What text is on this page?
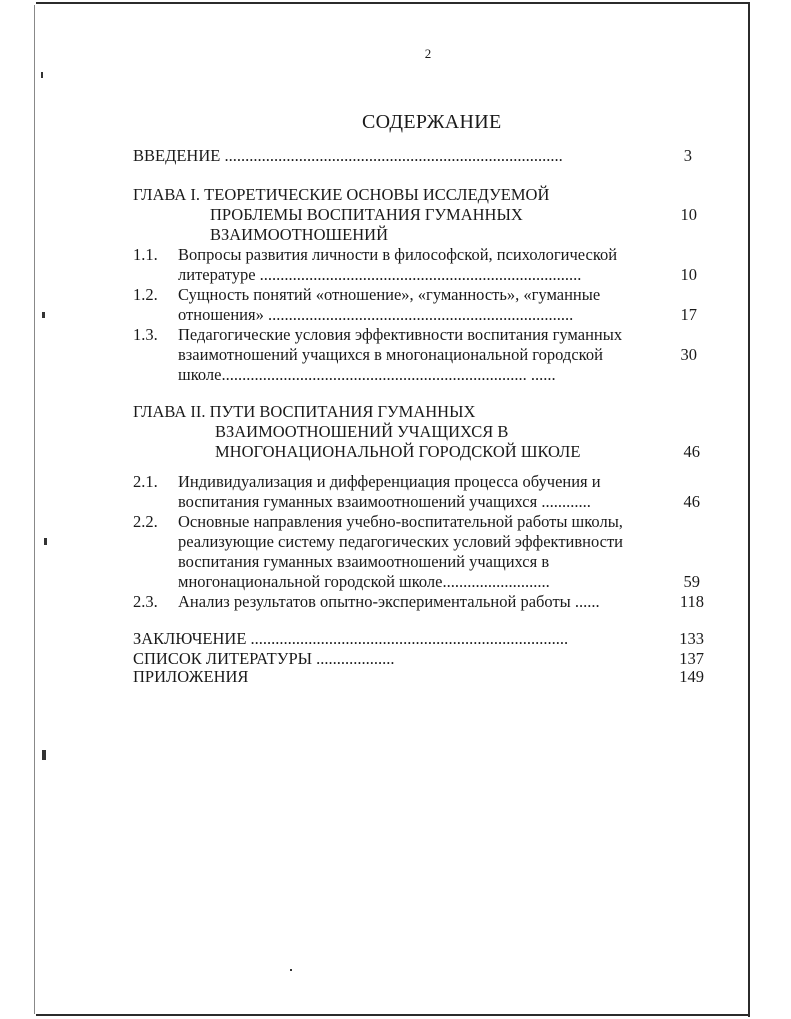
2
СОДЕРЖАНИЕ
ВВЕДЕНИЕ ..................................................................................	3
ГЛАВА I. ТЕОРЕТИЧЕСКИЕ ОСНОВЫ ИССЛЕДУЕМОЙ
ПРОБЛЕМЫ ВОСПИТАНИЯ ГУМАННЫХ	10
ВЗАИМООТНОШЕНИЙ
1.1. Вопросы развития личности в философской, психологической
литературе ..............................................................................	10
1.2. Сущность понятий «отношение», «гуманность», «гуманные
отношения» ..........................................................................	17
1.3. Педагогические условия эффективности воспитания гуманных
взаимотношений учащихся в многонациональной городской	30
школе.......................................................................... ......
ГЛАВА II. ПУТИ ВОСПИТАНИЯ ГУМАННЫХ
ВЗАИМООТНОШЕНИЙ УЧАЩИХСЯ В
МНОГОНАЦИОНАЛЬНОЙ ГОРОДСКОЙ ШКОЛЕ	46
2.1. Индивидуализация и дифференциация процесса обучения и
воспитания гуманных взаимоотношений учащихся ............	46
2.2. Основные направления учебно-воспитательной работы школы,
реализующие систему педагогических условий эффективности
воспитания гуманных взаимоотношений учащихся в
многонациональной городской школе..........................	59
2.3. Анализ результатов опытно-экспериментальной работы ......	118
ЗАКЛЮЧЕНИЕ .............................................................................	133
СПИСОК ЛИТЕРАТУРЫ ...................	137
ПРИЛОЖЕНИЯ	149
